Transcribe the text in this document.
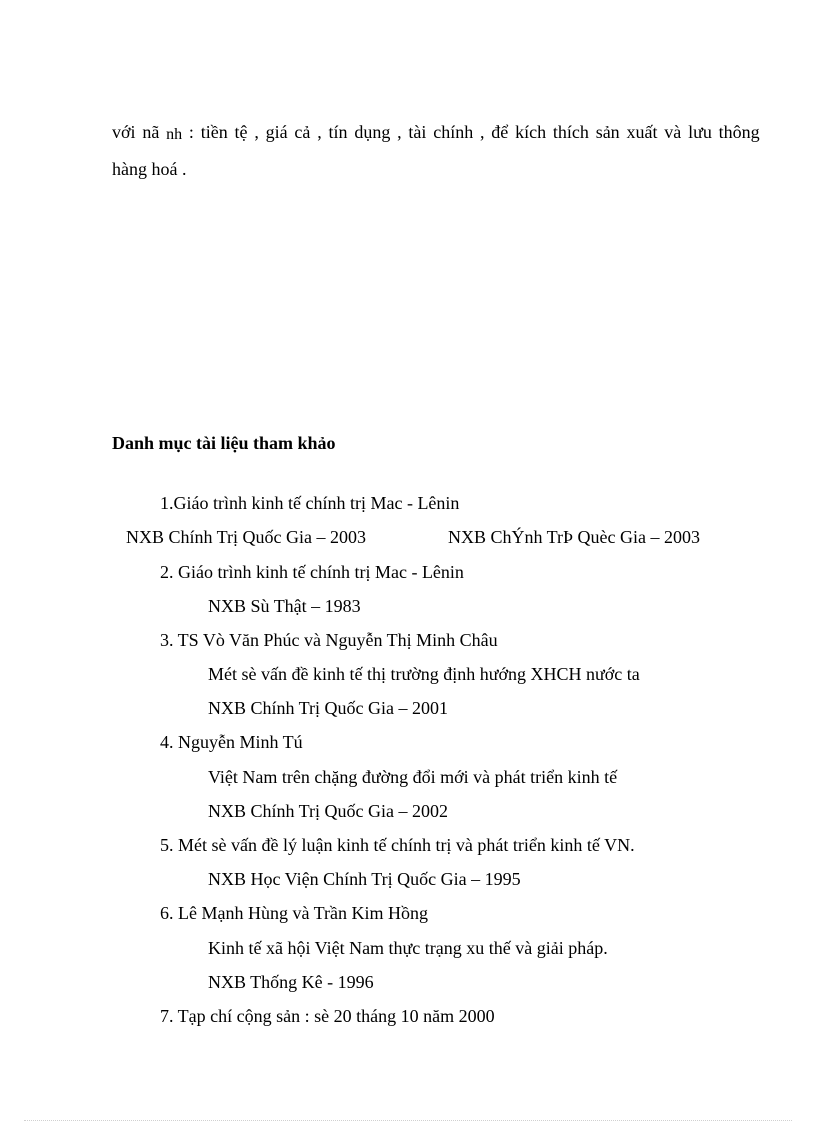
với nã nh : tiền tệ , giá cả , tín dụng , tài chính , để kích thích sản xuất và lưu thông
hàng hoá .
Danh mục tài liệu tham khảo
1.Giáo trình kinh tế chính trị Mac - Lênin
NXB Chính Trị Quốc Gia – 2003	NXB ChÝnh TrÞ Quèc Gia – 2003
2. Giáo trình kinh tế chính trị Mac - Lênin
NXB Sù Thật – 1983
3. TS Vò Văn Phúc và Nguyễn Thị Minh Châu
Mét sè vấn đề kinh tế thị trường định hướng XHCH nước ta
NXB Chính Trị Quốc Gia – 2001
4. Nguyễn Minh Tú
Việt Nam trên chặng đường đổi mới và phát triển kinh tế
NXB Chính Trị Quốc Gia – 2002
5. Mét sè vấn đề lý luận kinh tế chính trị và phát triển kinh tế VN.
NXB Học Viện Chính Trị Quốc Gia – 1995
6. Lê Mạnh Hùng và Trần Kim Hồng
Kinh tế xã hội Việt Nam thực trạng xu thế và giải pháp.
NXB Thống Kê - 1996
7. Tạp chí cộng sản : sè 20 tháng 10 năm 2000
